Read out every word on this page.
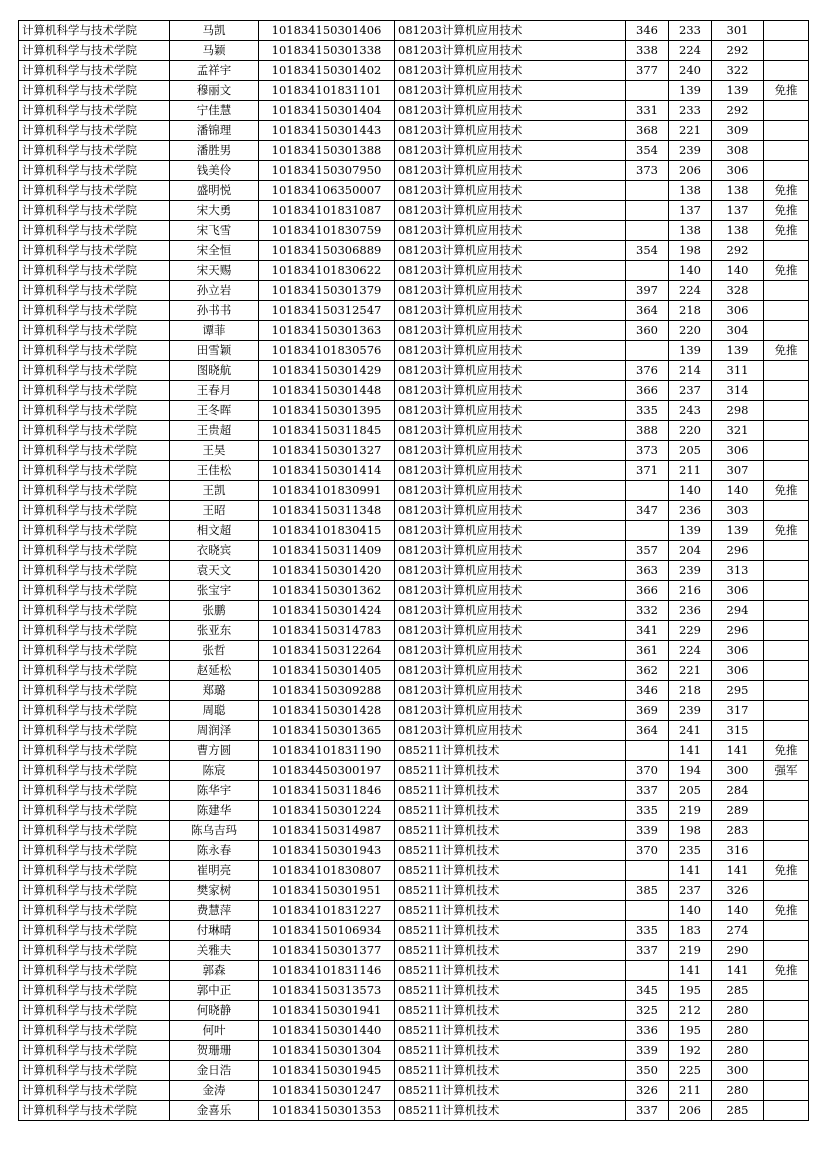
计算机科学与技术学院	马凯	101834150301406	081203计算机应用技术	346	233	301	
计算机科学与技术学院	马颖	101834150301338	081203计算机应用技术	338	224	292	
计算机科学与技术学院	孟祥宇	101834150301402	081203计算机应用技术	377	240	322	
计算机科学与技术学院	穆丽文	101834101831101	081203计算机应用技术		139	139	免推
计算机科学与技术学院	宁佳慧	101834150301404	081203计算机应用技术	331	233	292	
计算机科学与技术学院	潘锦理	101834150301443	081203计算机应用技术	368	221	309	
计算机科学与技术学院	潘胜男	101834150301388	081203计算机应用技术	354	239	308	
计算机科学与技术学院	钱美伶	101834150307950	081203计算机应用技术	373	206	306	
计算机科学与技术学院	盛明悦	101834106350007	081203计算机应用技术		138	138	免推
计算机科学与技术学院	宋大勇	101834101831087	081203计算机应用技术		137	137	免推
计算机科学与技术学院	宋飞雪	101834101830759	081203计算机应用技术		138	138	免推
计算机科学与技术学院	宋全恒	101834150306889	081203计算机应用技术	354	198	292	
计算机科学与技术学院	宋天赐	101834101830622	081203计算机应用技术		140	140	免推
计算机科学与技术学院	孙立岩	101834150301379	081203计算机应用技术	397	224	328	
计算机科学与技术学院	孙书书	101834150312547	081203计算机应用技术	364	218	306	
计算机科学与技术学院	谭菲	101834150301363	081203计算机应用技术	360	220	304	
计算机科学与技术学院	田雪颖	101834101830576	081203计算机应用技术		139	139	免推
计算机科学与技术学院	图晓航	101834150301429	081203计算机应用技术	376	214	311	
计算机科学与技术学院	王春月	101834150301448	081203计算机应用技术	366	237	314	
计算机科学与技术学院	王冬晖	101834150301395	081203计算机应用技术	335	243	298	
计算机科学与技术学院	王贵超	101834150311845	081203计算机应用技术	388	220	321	
计算机科学与技术学院	王昊	101834150301327	081203计算机应用技术	373	205	306	
计算机科学与技术学院	王佳松	101834150301414	081203计算机应用技术	371	211	307	
计算机科学与技术学院	王凯	101834101830991	081203计算机应用技术		140	140	免推
计算机科学与技术学院	王昭	101834150311348	081203计算机应用技术	347	236	303	
计算机科学与技术学院	相文超	101834101830415	081203计算机应用技术		139	139	免推
计算机科学与技术学院	衣晓宾	101834150311409	081203计算机应用技术	357	204	296	
计算机科学与技术学院	袁天文	101834150301420	081203计算机应用技术	363	239	313	
计算机科学与技术学院	张宝宇	101834150301362	081203计算机应用技术	366	216	306	
计算机科学与技术学院	张鹏	101834150301424	081203计算机应用技术	332	236	294	
计算机科学与技术学院	张亚东	101834150314783	081203计算机应用技术	341	229	296	
计算机科学与技术学院	张哲	101834150312264	081203计算机应用技术	361	224	306	
计算机科学与技术学院	赵延松	101834150301405	081203计算机应用技术	362	221	306	
计算机科学与技术学院	郑璐	101834150309288	081203计算机应用技术	346	218	295	
计算机科学与技术学院	周聪	101834150301428	081203计算机应用技术	369	239	317	
计算机科学与技术学院	周润泽	101834150301365	081203计算机应用技术	364	241	315	
计算机科学与技术学院	曹方圆	101834101831190	085211计算机技术		141	141	免推
计算机科学与技术学院	陈宸	101834450300197	085211计算机技术	370	194	300	强军
计算机科学与技术学院	陈华宇	101834150311846	085211计算机技术	337	205	284	
计算机科学与技术学院	陈建华	101834150301224	085211计算机技术	335	219	289	
计算机科学与技术学院	陈乌吉玛	101834150314987	085211计算机技术	339	198	283	
计算机科学与技术学院	陈永春	101834150301943	085211计算机技术	370	235	316	
计算机科学与技术学院	崔明亮	101834101830807	085211计算机技术		141	141	免推
计算机科学与技术学院	樊家树	101834150301951	085211计算机技术	385	237	326	
计算机科学与技术学院	费慧萍	101834101831227	085211计算机技术		140	140	免推
计算机科学与技术学院	付琳晴	101834150106934	085211计算机技术	335	183	274	
计算机科学与技术学院	关雅夫	101834150301377	085211计算机技术	337	219	290	
计算机科学与技术学院	郭森	101834101831146	085211计算机技术		141	141	免推
计算机科学与技术学院	郭中正	101834150313573	085211计算机技术	345	195	285	
计算机科学与技术学院	何晓静	101834150301941	085211计算机技术	325	212	280	
计算机科学与技术学院	何叶	101834150301440	085211计算机技术	336	195	280	
计算机科学与技术学院	贺珊珊	101834150301304	085211计算机技术	339	192	280	
计算机科学与技术学院	金日浩	101834150301945	085211计算机技术	350	225	300	
计算机科学与技术学院	金涛	101834150301247	085211计算机技术	326	211	280	
计算机科学与技术学院	金喜乐	101834150301353	085211计算机技术	337	206	285	
